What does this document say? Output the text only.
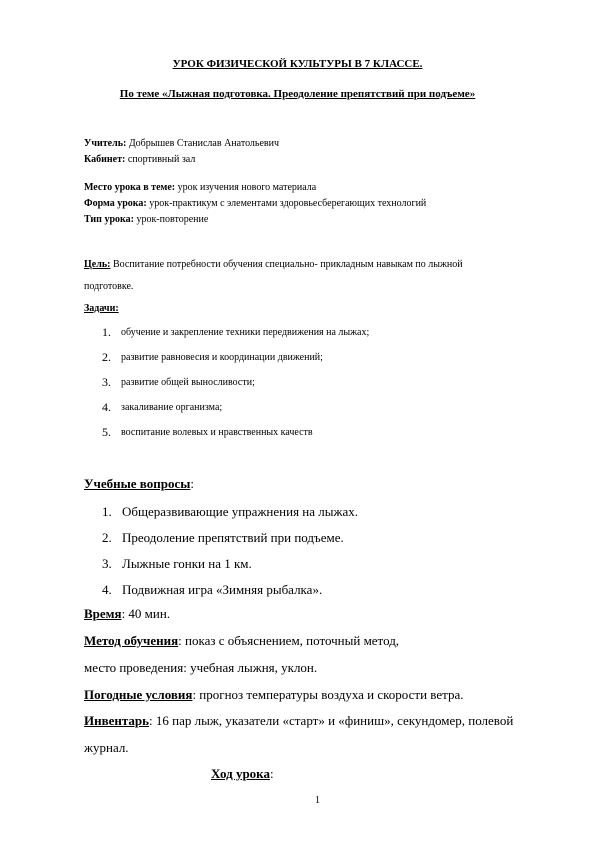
УРОК ФИЗИЧЕСКОЙ КУЛЬТУРЫ В 7 КЛАССЕ.
По теме «Лыжная подготовка. Преодоление препятствий при подъеме»
Учитель: Добрышев Станислав Анатольевич
Кабинет: спортивный зал
Место урока в теме: урок изучения нового материала
Форма урока: урок-практикум с элементами здоровьесберегающих технологий
Тип урока: урок-повторение
Цель: Воспитание потребности обучения специально- прикладным навыкам по лыжной
подготовке.
Задачи:
1. обучение и закрепление техники передвижения на лыжах;
2. развитие равновесия и координации движений;
3. развитие общей выносливости;
4. закаливание организма;
5. воспитание волевых и нравственных качеств
Учебные вопросы:
1. Общеразвивающие упражнения на лыжах.
2. Преодоление препятствий при подъеме.
3. Лыжные гонки на 1 км.
4. Подвижная игра «Зимняя рыбалка».
Время: 40 мин.
Метод обучения: показ с объяснением, поточный метод,
место проведения: учебная лыжня, уклон.
Погодные условия: прогноз температуры воздуха и скорости ветра.
Инвентарь: 16 пар лыж, указатели «старт» и «финиш», секундомер, полевой
журнал.
Ход урока:
1
